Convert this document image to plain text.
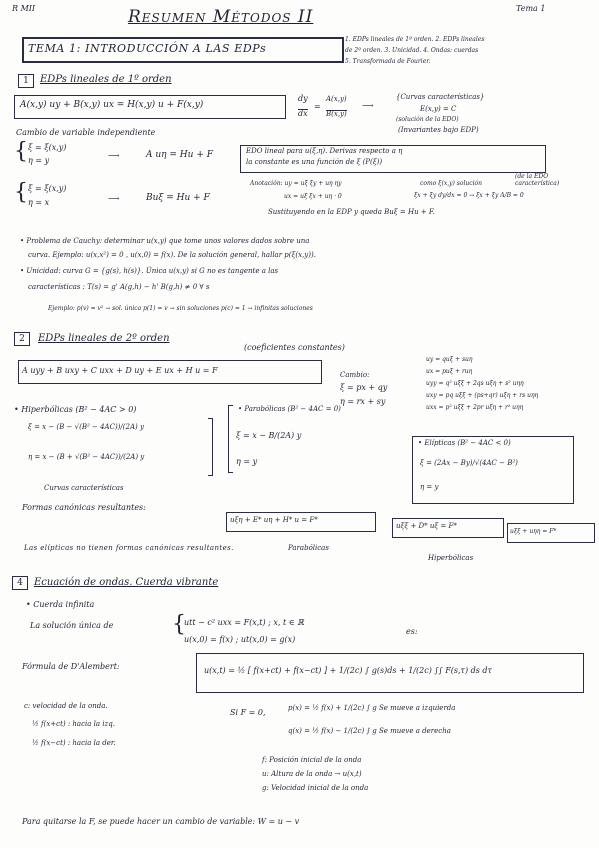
R MII	Resumen Métodos II	Tema 1
TEMA 1: INTRODUCCIÓN A LAS EDPs
1. EDPs lineales de 1º orden. 2. EDPs lineales
de 2º orden. 3. Unicidad. 4. Ondas: cuerdas
5. Transformada de Fourier.
1	EDPs lineales de 1º orden
A(x,y) uy + B(x,y) ux = H(x,y) u + F(x,y)
dy
dx
=
A(x,y)
B(x,y)
⟶
{Curvas características}
E(x,y) = C
(solución de la EDO)
(Invariantes bajo EDP)
Cambio de variable independiente
{ ξ = ξ(x,y)
η = y
⟶	A uη = Hu + F	EDO lineal para u(ξ,η). Derivas respecto a η
la constante es una función de ξ (P(ξ))
Anotación: uy = uξ ξy + uη ηy
ux = uξ ξx + uη · 0
como ξ(x,y) solución
ξx + ξy dy/dx = 0 → ξx + ξy A/B = 0
(de la EDO característica)
Sustituyendo en la EDP y queda Buξ = Hu + F.
{ ξ = ξ(x,y)
η = x	⟶	Buξ = Hu + F
• Problema de Cauchy: determinar u(x,y) que tome unos valores dados sobre una
curva. Ejemplo: u(x,x²) = 0 , u(x,0) = f(x). De la solución general, hallar p(ξ(x,y)).
• Unicidad: curva G = {g(s), h(s)}. Única u(x,y) si G no es tangente a las
características : T(s) = g' A(g,h) − h' B(g,h) ≠ 0 ∀ s
Ejemplo: p(v) = v² → sol. única p(1) = v → sin soluciones p(c) = 1 → infinitas soluciones
2	EDPs lineales de 2º orden
(coeficientes constantes)
A uyy + B uxy + C uxx + D uy + E ux + H u = F	Cambio:
ξ = px + qy
η = rx + sy
uy = quξ + suη
ux = puξ + ruη
uyy = q² uξξ + 2qs uξη + s² uηη
uxy = pq uξξ + (ps+qr) uξη + rs uηη
uxx = p² uξξ + 2pr uξη + r² uηη
• Hiperbólicas (B² − 4AC > 0)
ξ = x − (B − √(B² − 4AC))/(2A) y
η = x − (B + √(B² − 4AC))/(2A) y
Curvas características
• Parabólicas (B² − 4AC = 0)
ξ = x − B/(2A) y
η = y
• Elípticas (B² − 4AC < 0)
ξ = (2Ax − By)/√(4AC − B²)
η = y
Formas canónicas resultantes:
uξη + E* uη + H* u = F*
uξξ + D* uξ = F*
uξξ + uηη = F*
Parabólicas
Hiperbólicas
Las elípticas no tienen formas canónicas resultantes.
4	Ecuación de ondas. Cuerda vibrante
• Cuerda infinita
La solución única de	{
utt − c² uxx = F(x,t) ; x, t ∈ ℝ
u(x,0) = f(x) ; ut(x,0) = g(x)
es:
Fórmula de D'Alembert:	u(x,t) = ½ [ f(x+ct) + f(x−ct) ] + 1/(2c) ∫ g(s)ds + 1/(2c) ∫∫ F(s,τ) ds dτ
c: velocidad de la onda.
½ f(x+ct) : hacia la izq.
½ f(x−ct) : hacia la der.
Si F = 0,	p(x) = ½ f(x) + 1/(2c) ∫ g Se mueve a izquierda
q(x) = ½ f(x) − 1/(2c) ∫ g Se mueve a derecha
f: Posición inicial de la onda
u: Altura de la onda → u(x,t)
g: Velocidad inicial de la onda
Para quitarse la F, se puede hacer un cambio de variable: W = u − v
